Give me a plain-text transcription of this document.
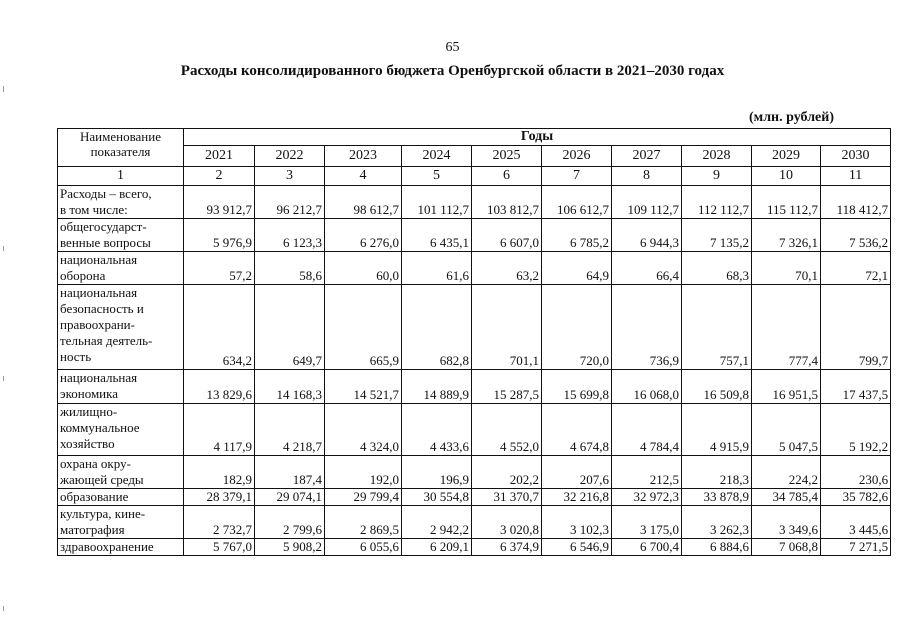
65
Расходы консолидированного бюджета Оренбургской области в 2021–2030 годах
(млн. рублей)
Наименование
показателя	Годы									
	2021	2022	2023	2024	2025	2026	2027	2028	2029	2030
1	2	3	4	5	6	7	8	9	10	11
Расходы – всего,
в том числе:	93 912,7	96 212,7	98 612,7	101 112,7	103 812,7	106 612,7	109 112,7	112 112,7	115 112,7	118 412,7
общегосударст-
венные вопросы	5 976,9	6 123,3	6 276,0	6 435,1	6 607,0	6 785,2	6 944,3	7 135,2	7 326,1	7 536,2
национальная
оборона	57,2	58,6	60,0	61,6	63,2	64,9	66,4	68,3	70,1	72,1
национальная
безопасность и
правоохрани-
тельная деятель-
ность	634,2	649,7	665,9	682,8	701,1	720,0	736,9	757,1	777,4	799,7
национальная
экономика	13 829,6	14 168,3	14 521,7	14 889,9	15 287,5	15 699,8	16 068,0	16 509,8	16 951,5	17 437,5
жилищно-
коммунальное
хозяйство	4 117,9	4 218,7	4 324,0	4 433,6	4 552,0	4 674,8	4 784,4	4 915,9	5 047,5	5 192,2
охрана окру-
жающей среды	182,9	187,4	192,0	196,9	202,2	207,6	212,5	218,3	224,2	230,6
образование	28 379,1	29 074,1	29 799,4	30 554,8	31 370,7	32 216,8	32 972,3	33 878,9	34 785,4	35 782,6
культура, кине-
матография	2 732,7	2 799,6	2 869,5	2 942,2	3 020,8	3 102,3	3 175,0	3 262,3	3 349,6	3 445,6
здравоохранение	5 767,0	5 908,2	6 055,6	6 209,1	6 374,9	6 546,9	6 700,4	6 884,6	7 068,8	7 271,5
